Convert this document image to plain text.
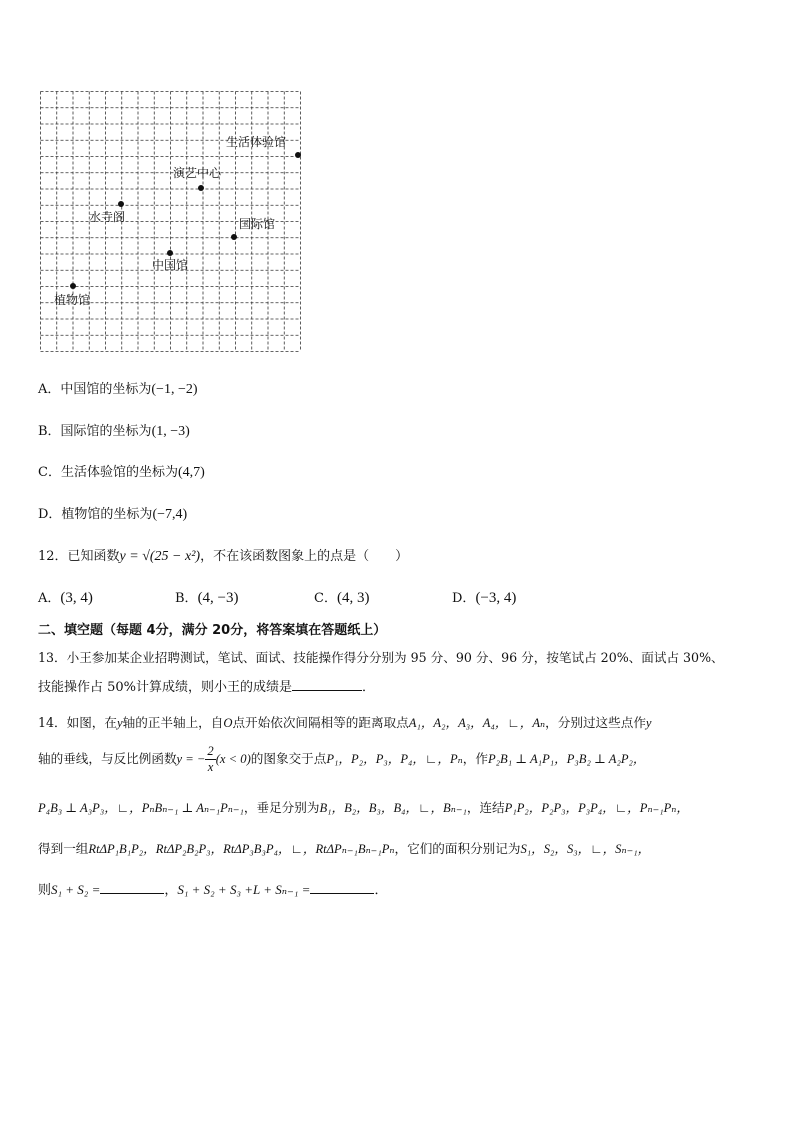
生活体验馆
演艺中心
水寺阁	国际馆
中国馆
植物馆
A．中国馆的坐标为(−1, −2)
B．国际馆的坐标为(1, −3)
C．生活体验馆的坐标为(4,7)
D．植物馆的坐标为(−7,4)
12．已知函数y = √(25 − x²)，不在该函数图象上的点是（　　）
A．(3, 4)	B．(4, −3)	C．(4, 3)	D．(−3, 4)
二、填空题（每题 4分，满分 20分，将答案填在答题纸上）
13．小王参加某企业招聘测试，笔试、面试、技能操作得分分别为 95 分、90 分、96 分，按笔试占 20%、面试占 30%、
技能操作占 50%计算成绩，则小王的成绩是	．
14．如图，在y轴的正半轴上，自O点开始依次间隔相等的距离取点A₁，A₂，A₃，A₄，∟，Aₙ，分别过这些点作y
轴的垂线，与反比例函数y = − $\frac{2}{x} (x < 0)$的图象交于点P₁，P₂，P₃，P₄，∟，Pₙ，作P₂B₁ ⊥ A₁P₁，P₃B₂ ⊥ A₂P₂，
P₄B₃ ⊥ A₃P₃，∟，PₙBₙ₋₁ ⊥ Aₙ₋₁Pₙ₋₁，垂足分别为B₁，B₂，B₃，B₄，∟，Bₙ₋₁，连结P₁P₂，P₂P₃，P₃P₄，∟，Pₙ₋₁Pₙ，
得到一组RtΔP₁B₁P₂，RtΔP₂B₂P₃，RtΔP₃B₃P₄，∟，RtΔPₙ₋₁Bₙ₋₁Pₙ，它们的面积分别记为S₁，S₂，S₃，∟，Sₙ₋₁，
则S₁ + S₂ =	，S₁ + S₂ + S₃ +L + Sₙ₋₁ =	．
